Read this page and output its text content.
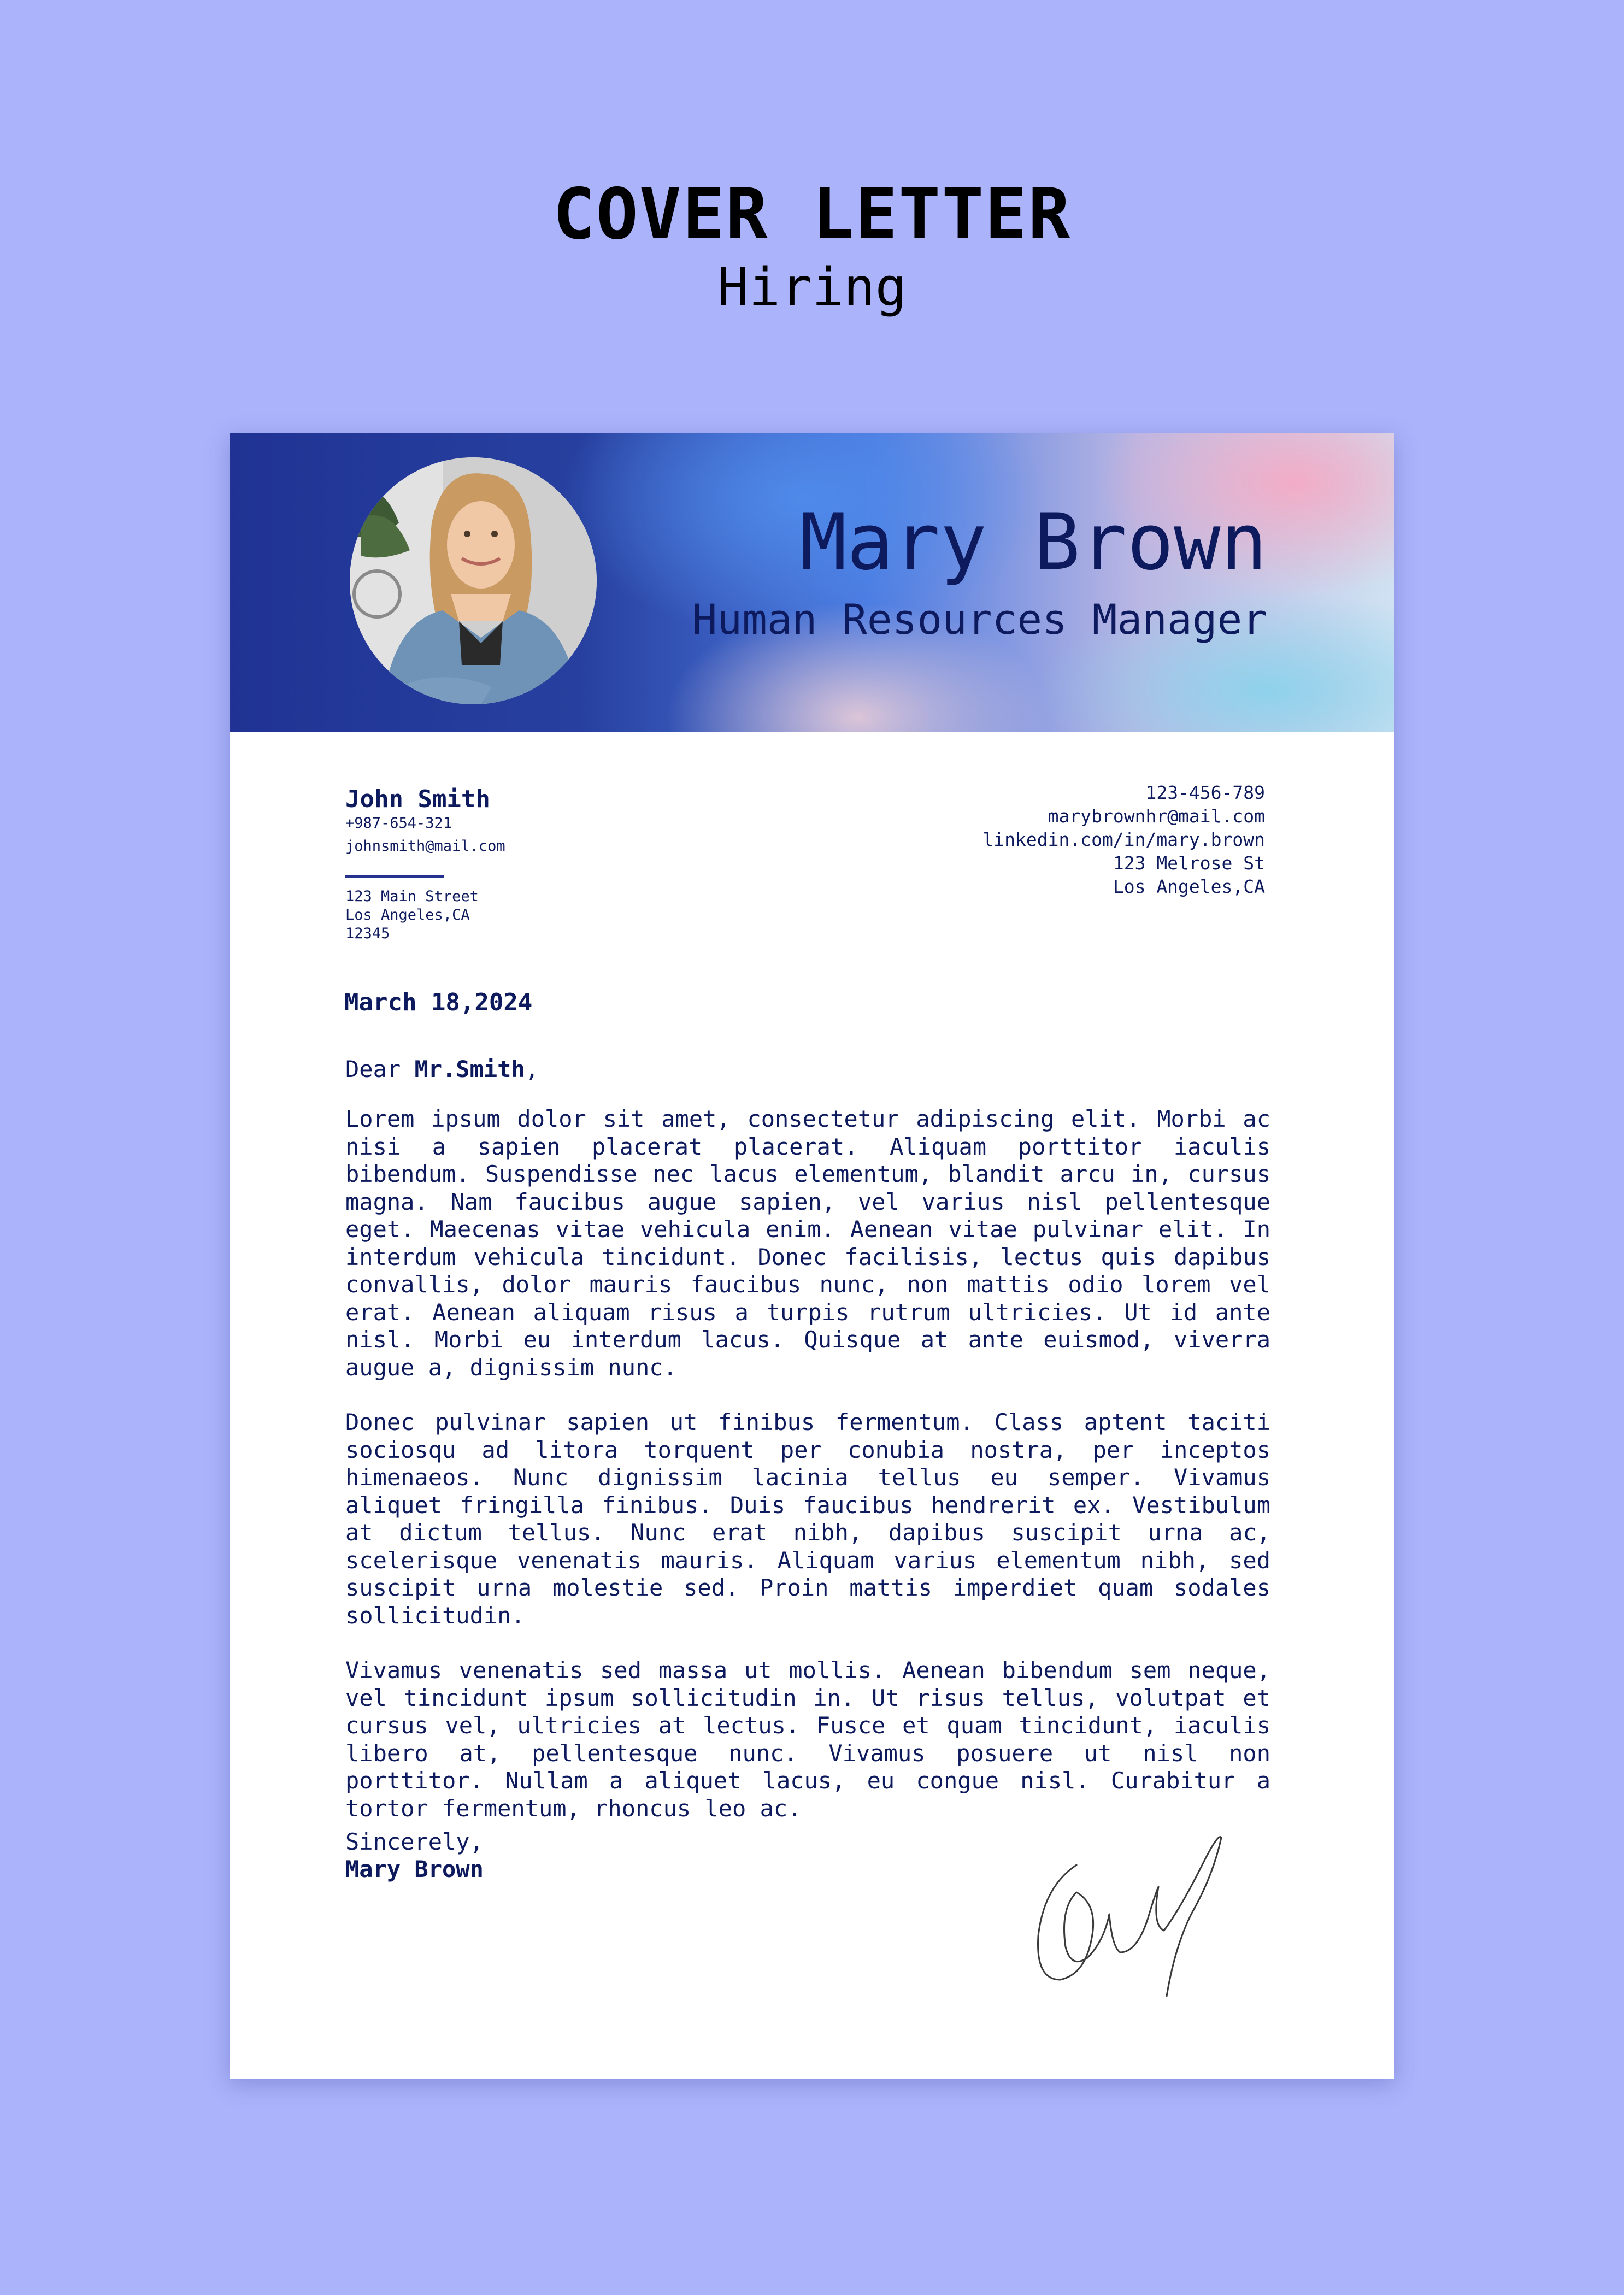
COVER LETTER
Hiring
Mary Brown
Human Resources Manager
John Smith
+987-654-321
johnsmith@mail.com
123 Main Street
Los Angeles,CA
12345
123-456-789
marybrownhr@mail.com
linkedin.com/in/mary.brown
123 Melrose St
Los Angeles,CA
March 18,2024
Dear Mr.Smith,

Lorem ipsum dolor sit amet, consectetur adipiscing elit. Morbi ac nisi a sapien placerat placerat. Aliquam porttitor iaculis bibendum. Suspendisse nec lacus elementum, blandit arcu in, cursus magna. Nam faucibus augue sapien, vel varius nisl pellentesque eget. Maecenas vitae vehicula enim. Aenean vitae pulvinar elit. In interdum vehicula tincidunt. Donec facilisis, lectus quis dapibus convallis, dolor mauris faucibus nunc, non mattis odio lorem vel erat. Aenean aliquam risus a turpis rutrum ultricies. Ut id ante nisl. Morbi eu interdum lacus. Quisque at ante euismod, viverra augue a, dignissim nunc.

Donec pulvinar sapien ut finibus fermentum. Class aptent taciti sociosqu ad litora torquent per conubia nostra, per inceptos himenaeos. Nunc dignissim lacinia tellus eu semper. Vivamus aliquet fringilla finibus. Duis faucibus hendrerit ex. Vestibulum at dictum tellus. Nunc erat nibh, dapibus suscipit urna ac, scelerisque venenatis mauris. Aliquam varius elementum nibh, sed suscipit urna molestie sed. Proin mattis imperdiet quam sodales sollicitudin.

Vivamus venenatis sed massa ut mollis. Aenean bibendum sem neque, vel tincidunt ipsum sollicitudin in. Ut risus tellus, volutpat et cursus vel, ultricies at lectus. Fusce et quam tincidunt, iaculis libero at, pellentesque nunc. Vivamus posuere ut nisl non porttitor. Nullam a aliquet lacus, eu congue nisl. Curabitur a tortor fermentum, rhoncus leo ac.

Sincerely,
Mary Brown
